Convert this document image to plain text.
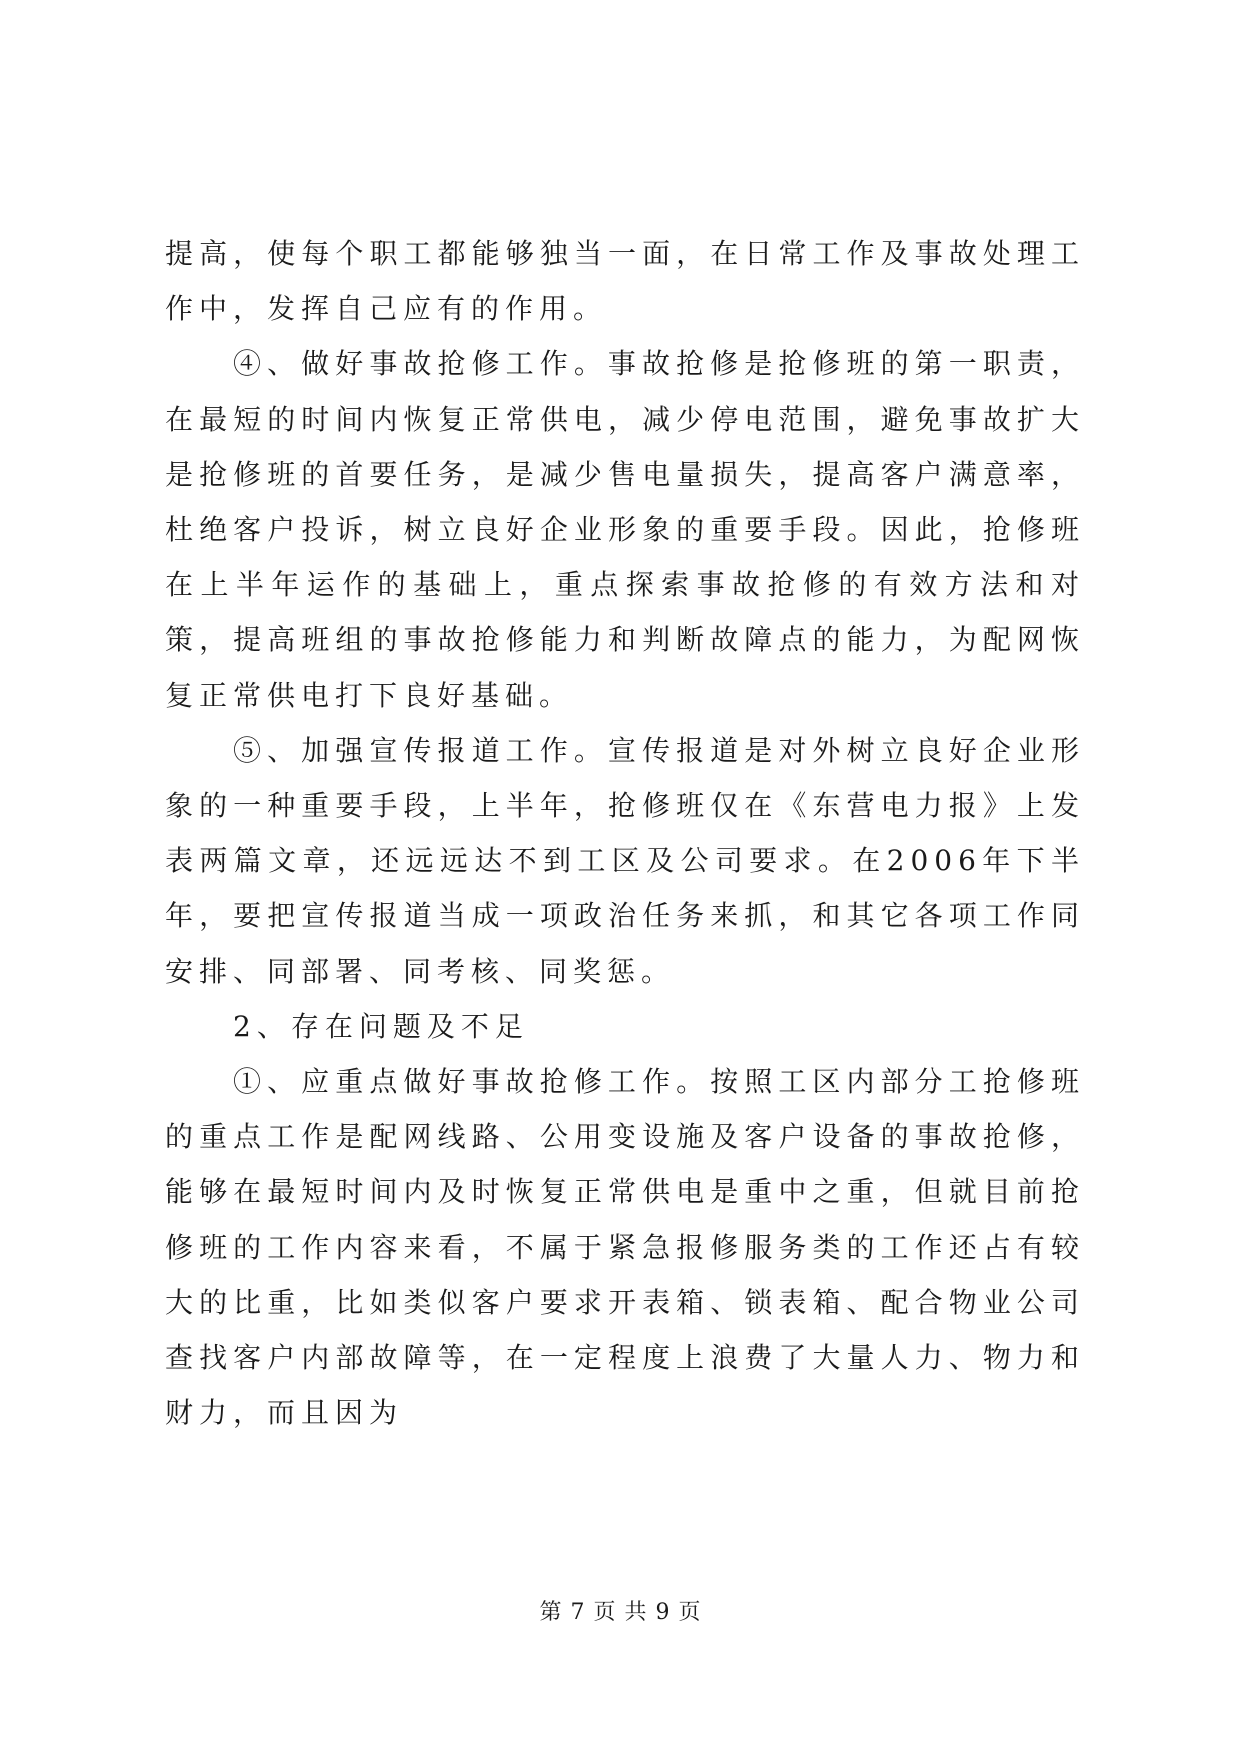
提高，使每个职工都能够独当一面，在日常工作及事故处理工作中，发挥自己应有的作用。

④、做好事故抢修工作。事故抢修是抢修班的第一职责，在最短的时间内恢复正常供电，减少停电范围，避免事故扩大是抢修班的首要任务，是减少售电量损失，提高客户满意率，杜绝客户投诉，树立良好企业形象的重要手段。因此，抢修班在上半年运作的基础上，重点探索事故抢修的有效方法和对策，提高班组的事故抢修能力和判断故障点的能力，为配网恢复正常供电打下良好基础。

⑤、加强宣传报道工作。宣传报道是对外树立良好企业形象的一种重要手段，上半年，抢修班仅在《东营电力报》上发表两篇文章，还远远达不到工区及公司要求。在2006年下半年，要把宣传报道当成一项政治任务来抓，和其它各项工作同安排、同部署、同考核、同奖惩。

2、存在问题及不足

①、应重点做好事故抢修工作。按照工区内部分工抢修班的重点工作是配网线路、公用变设施及客户设备的事故抢修，能够在最短时间内及时恢复正常供电是重中之重，但就目前抢修班的工作内容来看，不属于紧急报修服务类的工作还占有较大的比重，比如类似客户要求开表箱、锁表箱、配合物业公司查找客户内部故障等，在一定程度上浪费了大量人力、物力和财力，而且因为

第 7 页 共 9 页
